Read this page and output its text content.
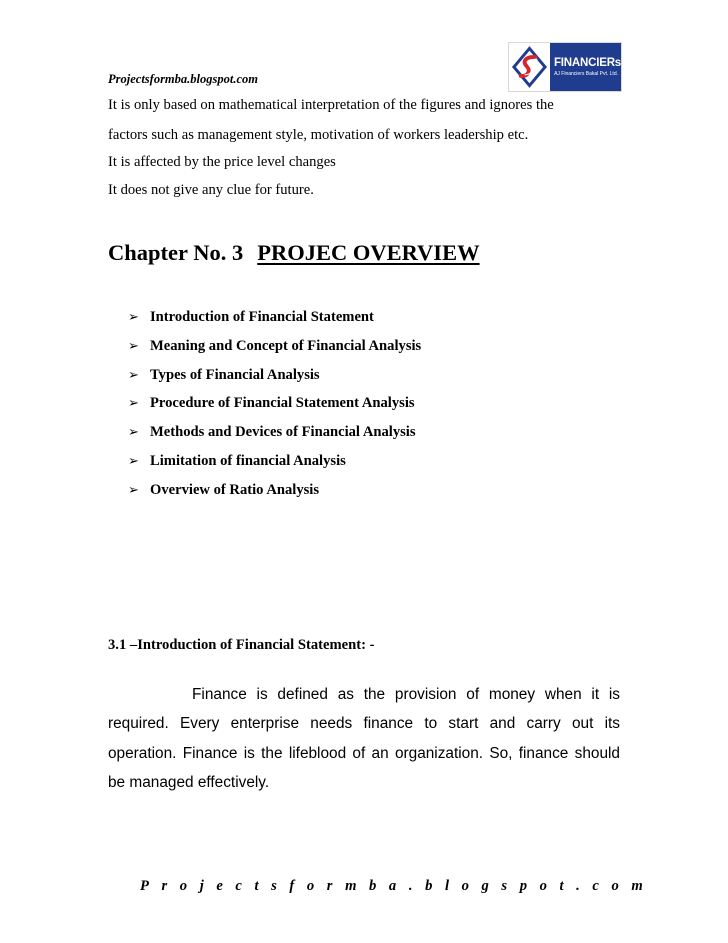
Projectsformba.blogspot.com
FINANCIERs
AJ Financiers Bakal Pvt. Ltd.
It is only based on mathematical interpretation of the figures and ignores the
factors such as management style, motivation of workers leadership etc.
It is affected by the price level changes
It does not give any clue for future.
Chapter No. 3 PROJEC OVERVIEW
➢ Introduction of Financial Statement
➢ Meaning and Concept of Financial Analysis
➢ Types of Financial Analysis
➢ Procedure of Financial Statement Analysis
➢ Methods and Devices of Financial Analysis
➢ Limitation of financial Analysis
➢ Overview of Ratio Analysis
3.1 –Introduction of Financial Statement: -

Finance is defined as the provision of money when it is required. Every enterprise needs finance to start and carry out its operation. Finance is the lifeblood of an organization. So, finance should be managed effectively.

Projectsformba.blogspot.com
